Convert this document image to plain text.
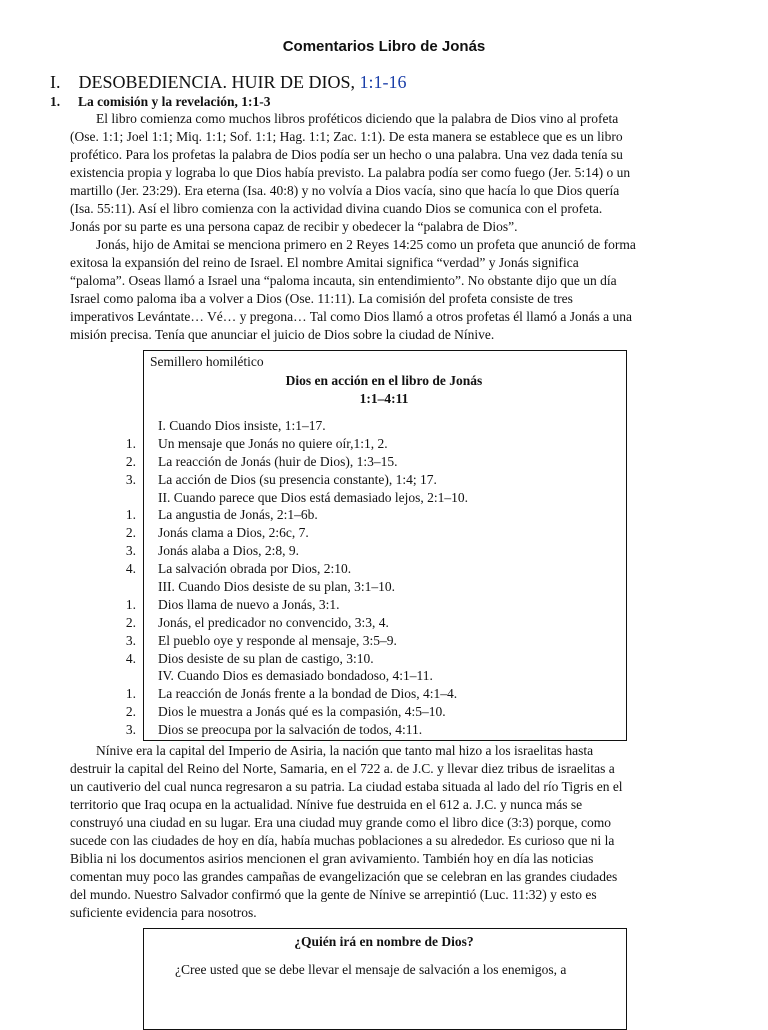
Comentarios Libro de Jonás
I. DESOBEDIENCIA. HUIR DE DIOS, 1:1-16
1. La comisión y la revelación, 1:1-3
El libro comienza como muchos libros proféticos diciendo que la palabra de Dios vino al profeta
(Ose. 1:1; Joel 1:1; Miq. 1:1; Sof. 1:1; Hag. 1:1; Zac. 1:1). De esta manera se establece que es un libro
profético. Para los profetas la palabra de Dios podía ser un hecho o una palabra. Una vez dada tenía su
existencia propia y lograba lo que Dios había previsto. La palabra podía ser como fuego (Jer. 5:14) o un
martillo (Jer. 23:29). Era eterna (Isa. 40:8) y no volvía a Dios vacía, sino que hacía lo que Dios quería
(Isa. 55:11). Así el libro comienza con la actividad divina cuando Dios se comunica con el profeta.
Jonás por su parte es una persona capaz de recibir y obedecer la “palabra de Dios”.
Jonás, hijo de Amitai se menciona primero en 2 Reyes 14:25 como un profeta que anunció de forma
exitosa la expansión del reino de Israel. El nombre Amitai significa “verdad” y Jonás significa
“paloma”. Oseas llamó a Israel una “paloma incauta, sin entendimiento”. No obstante dijo que un día
Israel como paloma iba a volver a Dios (Ose. 11:11). La comisión del profeta consiste de tres
imperativos Levántate… Vé… y pregona… Tal como Dios llamó a otros profetas él llamó a Jonás a una
misión precisa. Tenía que anunciar el juicio de Dios sobre la ciudad de Nínive.
Semillero homilético
Dios en acción en el libro de Jonás
1:1–4:11
I. Cuando Dios insiste, 1:1–17.
1. Un mensaje que Jonás no quiere oír,1:1, 2.
2. La reacción de Jonás (huir de Dios), 1:3–15.
3. La acción de Dios (su presencia constante), 1:4; 17.
II. Cuando parece que Dios está demasiado lejos, 2:1–10.
1. La angustia de Jonás, 2:1–6b.
2. Jonás clama a Dios, 2:6c, 7.
3. Jonás alaba a Dios, 2:8, 9.
4. La salvación obrada por Dios, 2:10.
III. Cuando Dios desiste de su plan, 3:1–10.
1. Dios llama de nuevo a Jonás, 3:1.
2. Jonás, el predicador no convencido, 3:3, 4.
3. El pueblo oye y responde al mensaje, 3:5–9.
4. Dios desiste de su plan de castigo, 3:10.
IV. Cuando Dios es demasiado bondadoso, 4:1–11.
1. La reacción de Jonás frente a la bondad de Dios, 4:1–4.
2. Dios le muestra a Jonás qué es la compasión, 4:5–10.
3. Dios se preocupa por la salvación de todos, 4:11.
Nínive era la capital del Imperio de Asiria, la nación que tanto mal hizo a los israelitas hasta
destruir la capital del Reino del Norte, Samaria, en el 722 a. de J.C. y llevar diez tribus de israelitas a
un cautiverio del cual nunca regresaron a su patria. La ciudad estaba situada al lado del río Tigris en el
territorio que Iraq ocupa en la actualidad. Nínive fue destruida en el 612 a. J.C. y nunca más se
construyó una ciudad en su lugar. Era una ciudad muy grande como el libro dice (3:3) porque, como
sucede con las ciudades de hoy en día, había muchas poblaciones a su alrededor. Es curioso que ni la
Biblia ni los documentos asirios mencionen el gran avivamiento. También hoy en día las noticias
comentan muy poco las grandes campañas de evangelización que se celebran en las grandes ciudades
del mundo. Nuestro Salvador confirmó que la gente de Nínive se arrepintió (Luc. 11:32) y esto es
suficiente evidencia para nosotros.
¿Quién irá en nombre de Dios?
¿Cree usted que se debe llevar el mensaje de salvación a los enemigos, a
